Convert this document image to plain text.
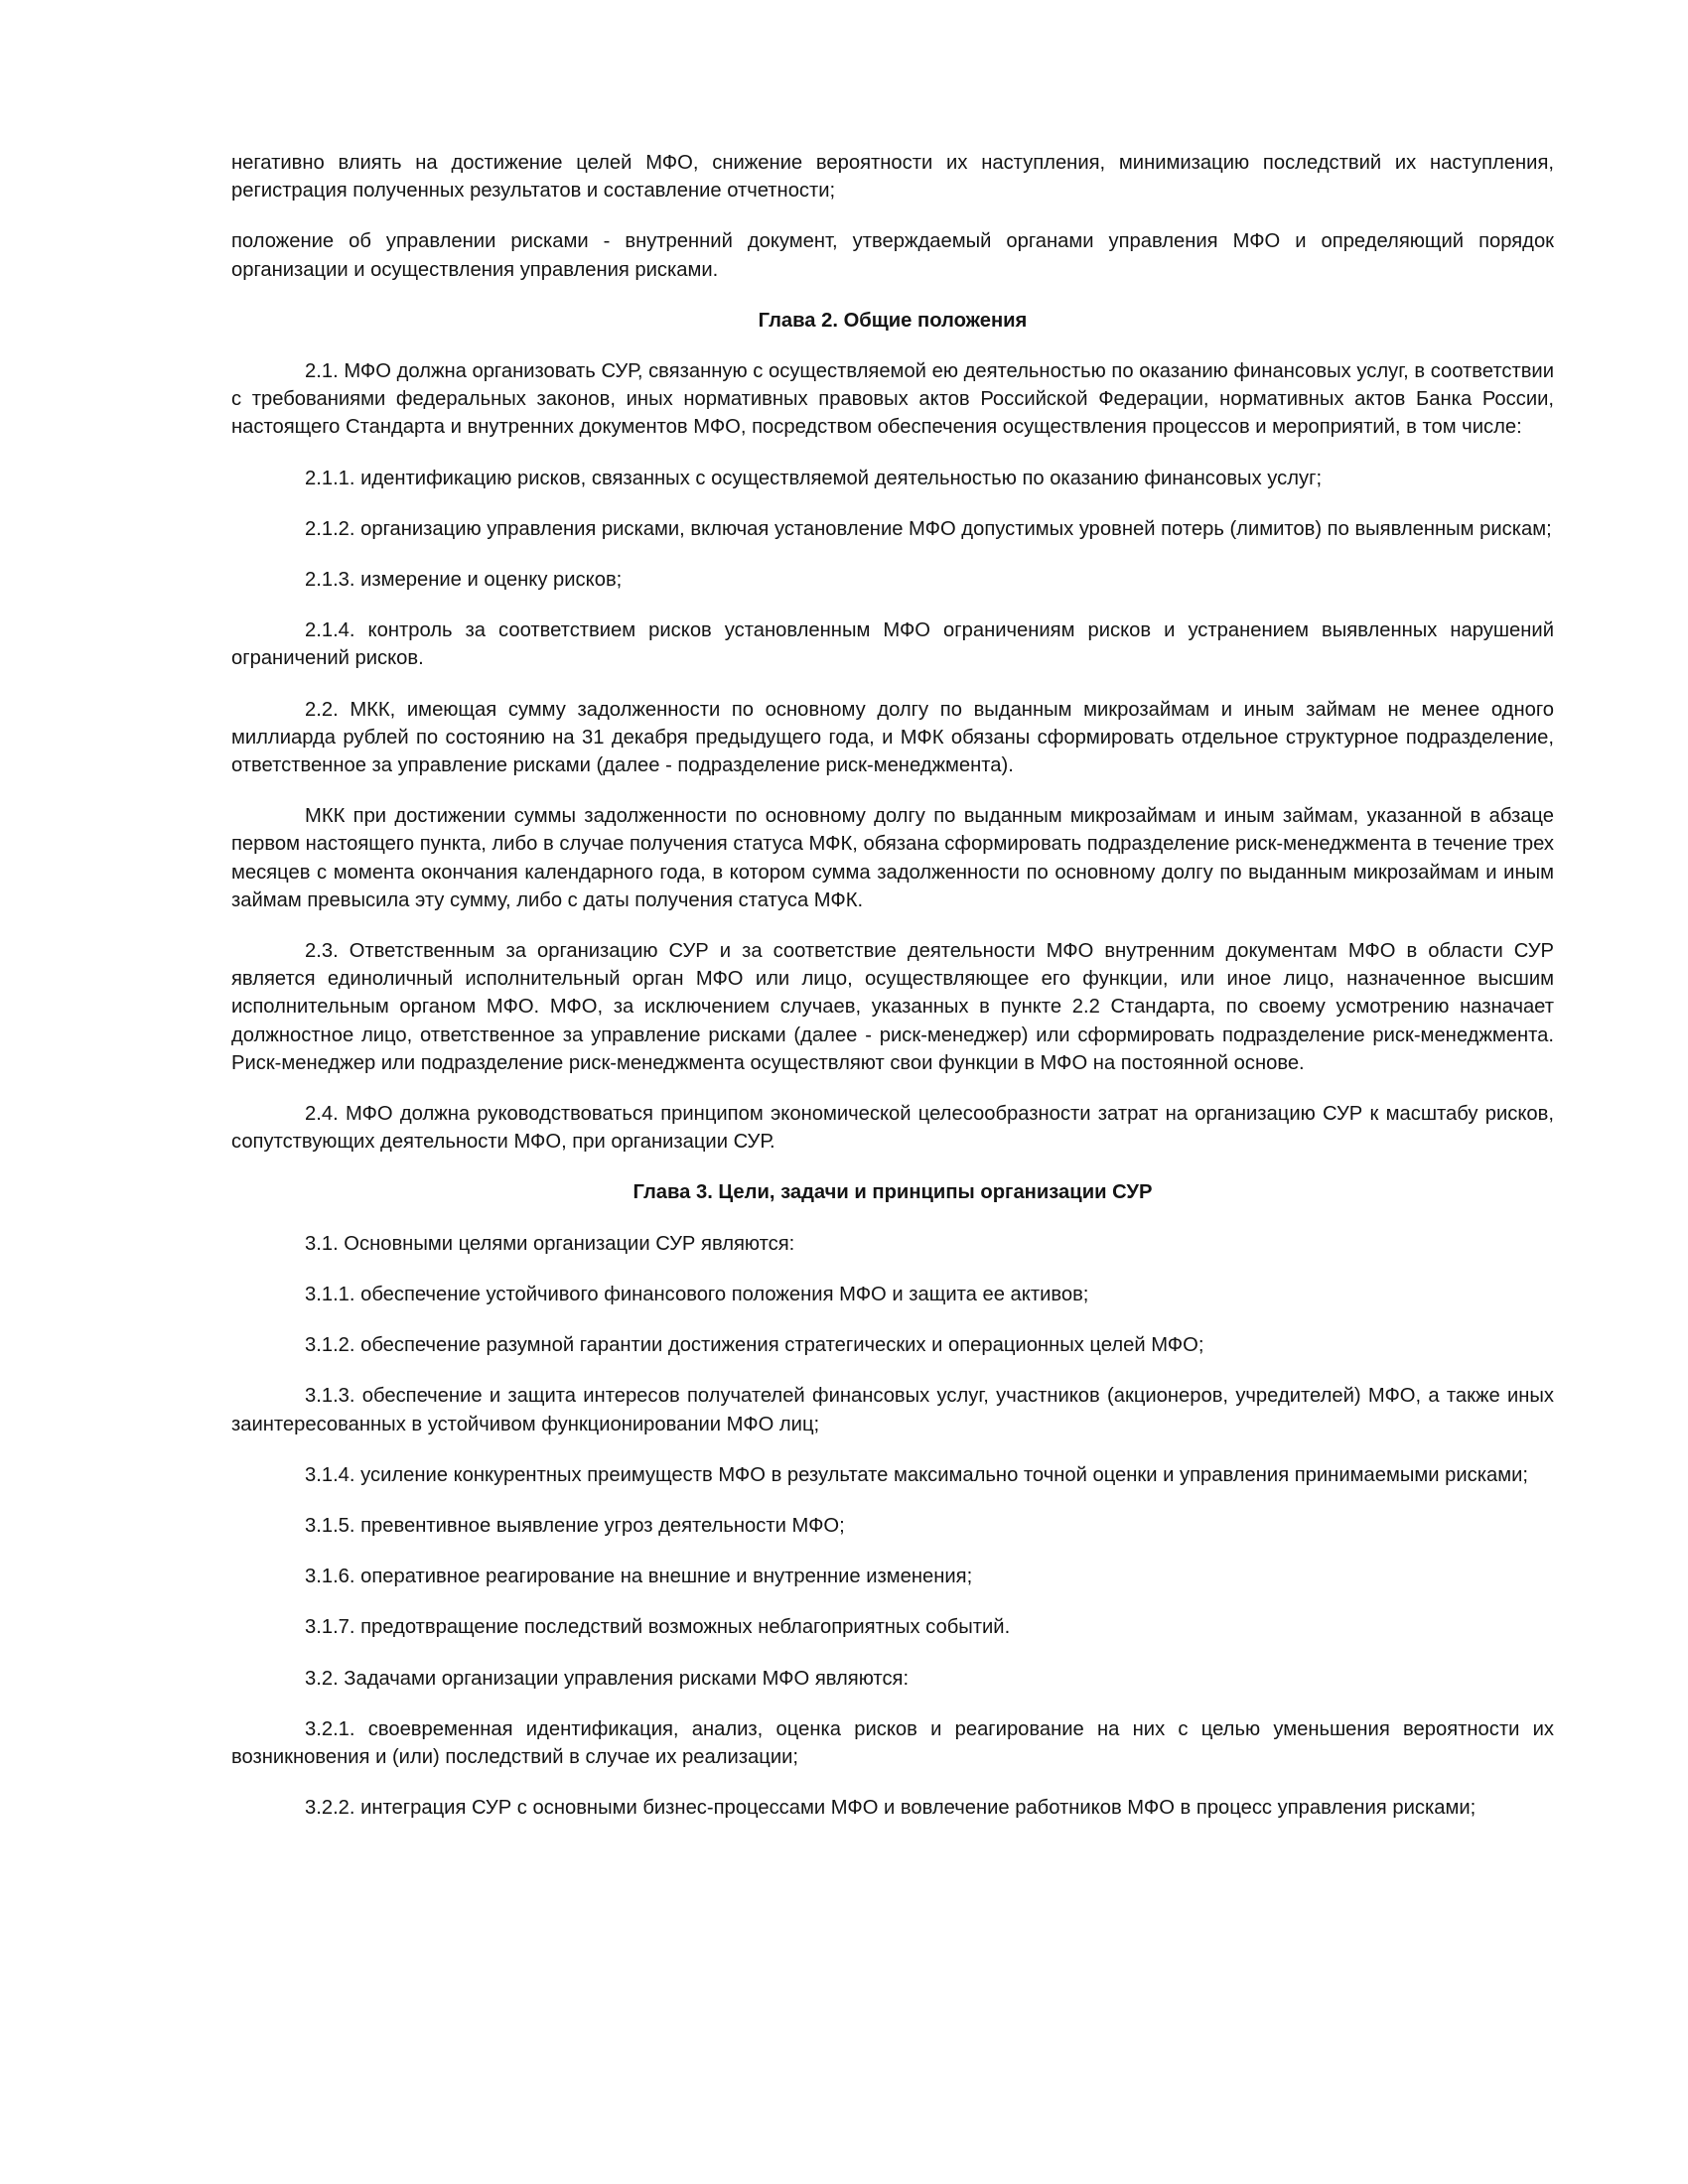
негативно влиять на достижение целей МФО, снижение вероятности их наступления, минимизацию последствий их наступления, регистрация полученных результатов и составление отчетности;

положение об управлении рисками - внутренний документ, утверждаемый органами управления МФО и определяющий порядок организации и осуществления управления рисками.

Глава 2. Общие положения

2.1. МФО должна организовать СУР, связанную с осуществляемой ею деятельностью по оказанию финансовых услуг, в соответствии с требованиями федеральных законов, иных нормативных правовых актов Российской Федерации, нормативных актов Банка России, настоящего Стандарта и внутренних документов МФО, посредством обеспечения осуществления процессов и мероприятий, в том числе:

2.1.1. идентификацию рисков, связанных с осуществляемой деятельностью по оказанию финансовых услуг;

2.1.2. организацию управления рисками, включая установление МФО допустимых уровней потерь (лимитов) по выявленным рискам;

2.1.3. измерение и оценку рисков;

2.1.4. контроль за соответствием рисков установленным МФО ограничениям рисков и устранением выявленных нарушений ограничений рисков.

2.2. МКК, имеющая сумму задолженности по основному долгу по выданным микрозаймам и иным займам не менее одного миллиарда рублей по состоянию на 31 декабря предыдущего года, и МФК обязаны сформировать отдельное структурное подразделение, ответственное за управление рисками (далее - подразделение риск-менеджмента).

МКК при достижении суммы задолженности по основному долгу по выданным микрозаймам и иным займам, указанной в абзаце первом настоящего пункта, либо в случае получения статуса МФК, обязана сформировать подразделение риск-менеджмента в течение трех месяцев с момента окончания календарного года, в котором сумма задолженности по основному долгу по выданным микрозаймам и иным займам превысила эту сумму, либо с даты получения статуса МФК.

2.3. Ответственным за организацию СУР и за соответствие деятельности МФО внутренним документам МФО в области СУР является единоличный исполнительный орган МФО или лицо, осуществляющее его функции, или иное лицо, назначенное высшим исполнительным органом МФО. МФО, за исключением случаев, указанных в пункте 2.2 Стандарта, по своему усмотрению назначает должностное лицо, ответственное за управление рисками (далее - риск-менеджер) или сформировать подразделение риск-менеджмента. Риск-менеджер или подразделение риск-менеджмента осуществляют свои функции в МФО на постоянной основе.

2.4. МФО должна руководствоваться принципом экономической целесообразности затрат на организацию СУР к масштабу рисков, сопутствующих деятельности МФО, при организации СУР.

Глава 3. Цели, задачи и принципы организации СУР

3.1. Основными целями организации СУР являются:

3.1.1. обеспечение устойчивого финансового положения МФО и защита ее активов;

3.1.2. обеспечение разумной гарантии достижения стратегических и операционных целей МФО;

3.1.3. обеспечение и защита интересов получателей финансовых услуг, участников (акционеров, учредителей) МФО, а также иных заинтересованных в устойчивом функционировании МФО лиц;

3.1.4. усиление конкурентных преимуществ МФО в результате максимально точной оценки и управления принимаемыми рисками;

3.1.5. превентивное выявление угроз деятельности МФО;

3.1.6. оперативное реагирование на внешние и внутренние изменения;

3.1.7. предотвращение последствий возможных неблагоприятных событий.

3.2. Задачами организации управления рисками МФО являются:

3.2.1. своевременная идентификация, анализ, оценка рисков и реагирование на них с целью уменьшения вероятности их возникновения и (или) последствий в случае их реализации;

3.2.2. интеграция СУР с основными бизнес-процессами МФО и вовлечение работников МФО в процесс управления рисками;
